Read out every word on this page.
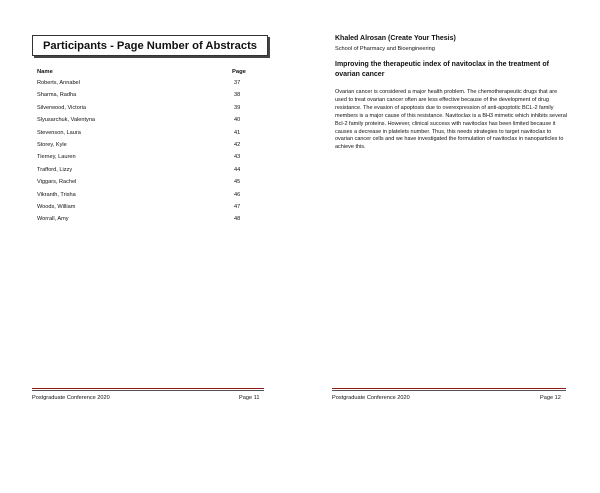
Participants - Page Number of Abstracts
Name	Page
Roberts, Annabel	37
Sharma, Radha	38
Silverwood, Victoria	39
Slyusarchuk, Valentyna	40
Stevenson, Laura	41
Storey, Kyle	42
Tierney, Lauren	43
Trafford, Lizzy	44
Viggars, Rachel	45
Vikranth, Trisha	46
Woods, William	47
Worrall, Amy	48
Postgraduate Conference 2020	Page 11
Khaled Alrosan (Create Your Thesis)
School of Pharmacy and Bioengineering
Improving the therapeutic index of navitoclax in the treatment of ovarian cancer
Ovarian cancer is considered a major health problem. The chemotherapeutic drugs that are used to treat ovarian cancer often are less effective because of the development of drug resistance. The evasion of apoptosis due to overexpression of anti-apoptotic BCL-2 family members is a major cause of this resistance. Navitoclax is a BH3 mimetic which inhibits several Bcl-2 family proteins. However, clinical success with navitoclax has been limited because it causes a decrease in platelets number. Thus, this needs strategies to target navitoclax to ovarian cancer cells and we have investigated the formulation of navitoclax in nanoparticles to achieve this.
Postgraduate Conference 2020	Page 12
